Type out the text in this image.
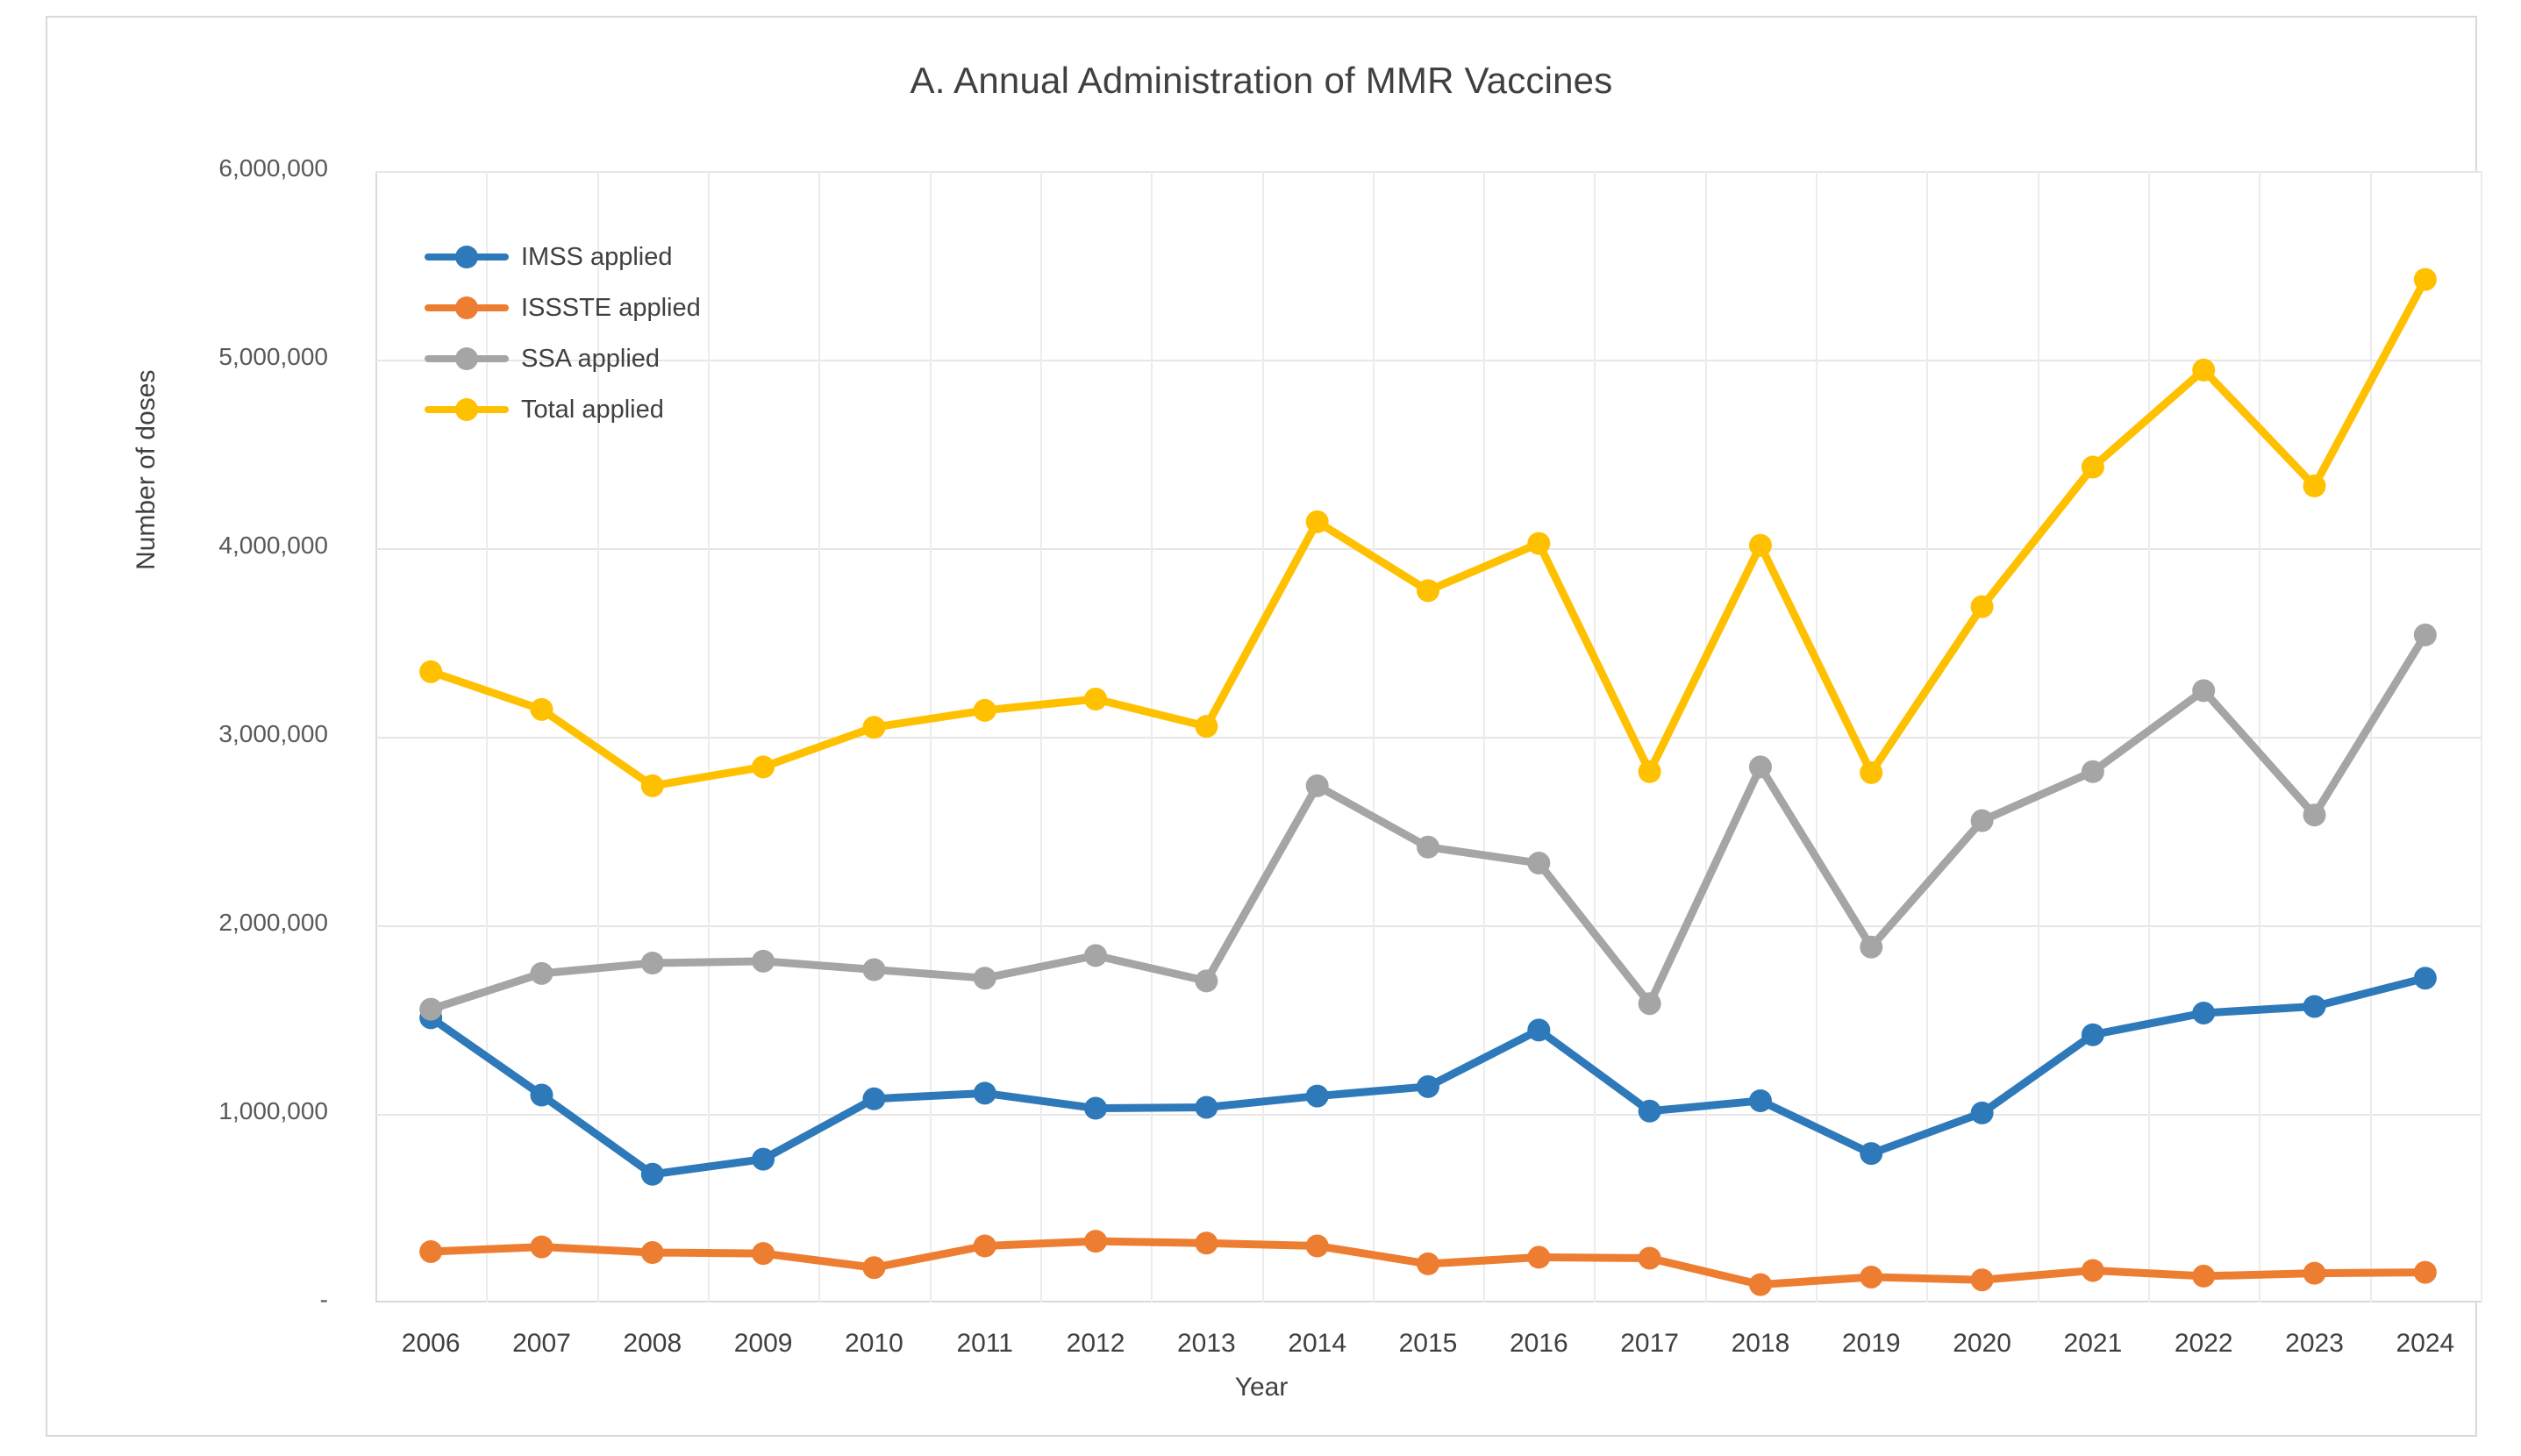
A. Annual Administration of MMR Vaccines
Number of doses
Year
-
1,000,000
2,000,000
3,000,000
4,000,000
5,000,000
6,000,000
2006	2007	2008	2009	2010	2011	2012	2013	2014	2015	2016	2017	2018	2019	2020	2021	2022	2023	2024
IMSS applied
ISSSTE applied
SSA applied
Total applied
